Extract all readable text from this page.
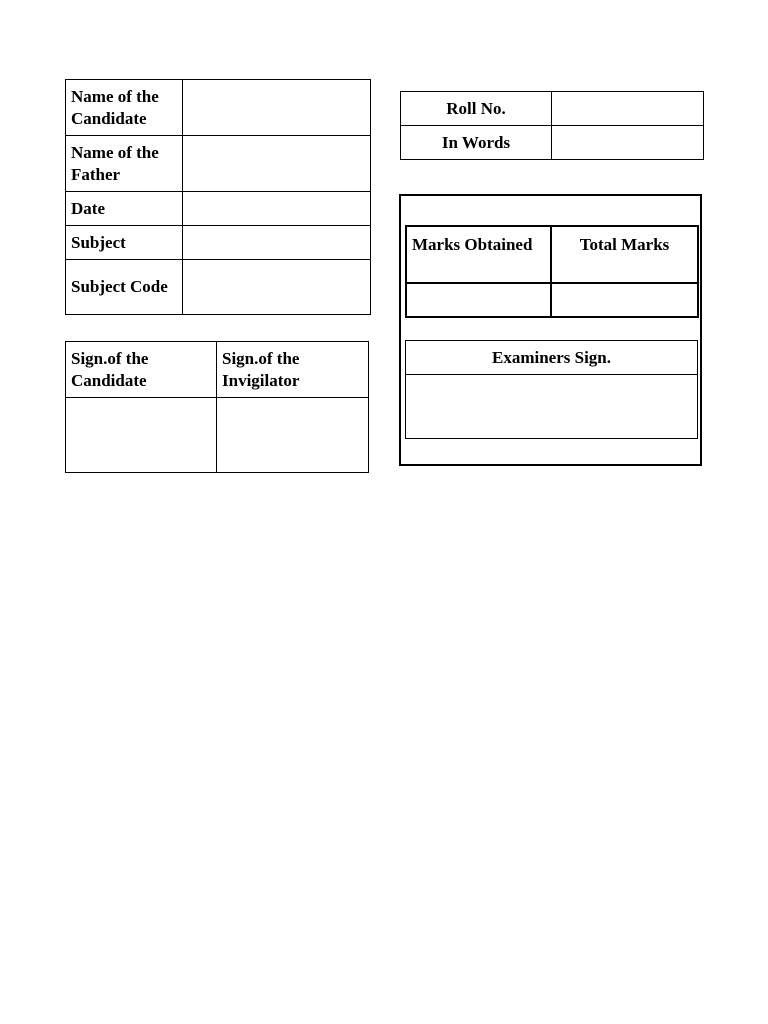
Name of the Candidate	
Name of the Father	
Date	
Subject	
Subject Code	
Roll No.	
In Words	
Sign.of the Candidate	Sign.of the Invigilator

Marks Obtained	Total Marks

Examiners Sign.
